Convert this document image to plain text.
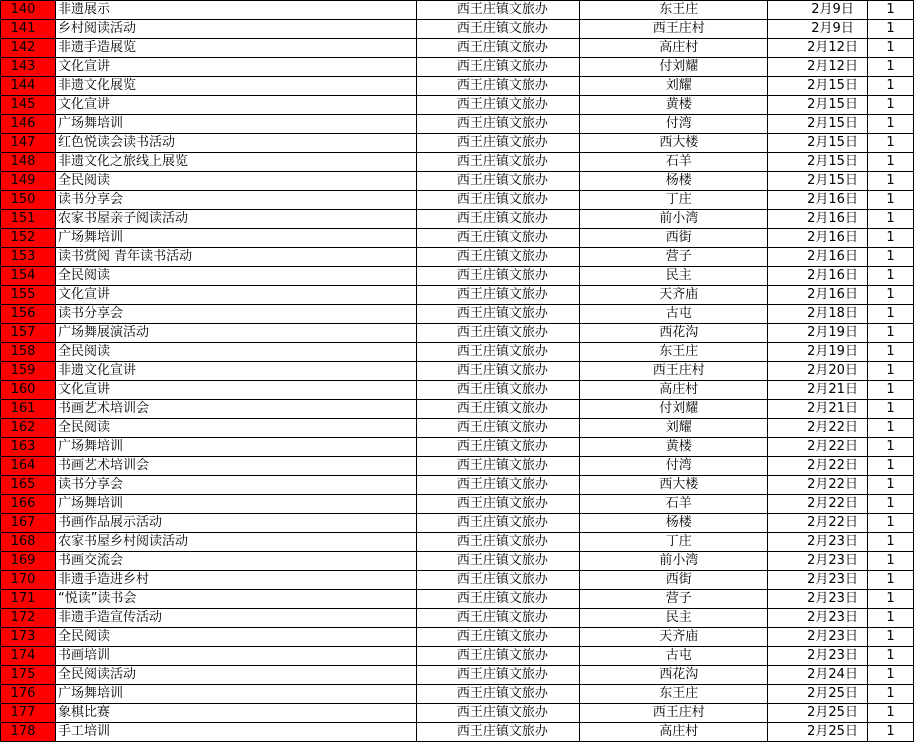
140	非遗展示	西王庄镇文旅办	东王庄	2月9日	1
141	乡村阅读活动	西王庄镇文旅办	西王庄村	2月9日	1
142	非遗手造展览	西王庄镇文旅办	高庄村	2月12日	1
143	文化宣讲	西王庄镇文旅办	付刘耀	2月12日	1
144	非遗文化展览	西王庄镇文旅办	刘耀	2月15日	1
145	文化宣讲	西王庄镇文旅办	黄楼	2月15日	1
146	广场舞培训	西王庄镇文旅办	付湾	2月15日	1
147	红色悦读会读书活动	西王庄镇文旅办	西大楼	2月15日	1
148	非遗文化之旅线上展览	西王庄镇文旅办	石羊	2月15日	1
149	全民阅读	西王庄镇文旅办	杨楼	2月15日	1
150	读书分享会	西王庄镇文旅办	丁庄	2月16日	1
151	农家书屋亲子阅读活动	西王庄镇文旅办	前小湾	2月16日	1
152	广场舞培训	西王庄镇文旅办	西街	2月16日	1
153	读书赏阅 青年读书活动	西王庄镇文旅办	营子	2月16日	1
154	全民阅读	西王庄镇文旅办	民主	2月16日	1
155	文化宣讲	西王庄镇文旅办	天齐庙	2月16日	1
156	读书分享会	西王庄镇文旅办	古屯	2月18日	1
157	广场舞展演活动	西王庄镇文旅办	西花沟	2月19日	1
158	全民阅读	西王庄镇文旅办	东王庄	2月19日	1
159	非遗文化宣讲	西王庄镇文旅办	西王庄村	2月20日	1
160	文化宣讲	西王庄镇文旅办	高庄村	2月21日	1
161	书画艺术培训会	西王庄镇文旅办	付刘耀	2月21日	1
162	全民阅读	西王庄镇文旅办	刘耀	2月22日	1
163	广场舞培训	西王庄镇文旅办	黄楼	2月22日	1
164	书画艺术培训会	西王庄镇文旅办	付湾	2月22日	1
165	读书分享会	西王庄镇文旅办	西大楼	2月22日	1
166	广场舞培训	西王庄镇文旅办	石羊	2月22日	1
167	书画作品展示活动	西王庄镇文旅办	杨楼	2月22日	1
168	农家书屋乡村阅读活动	西王庄镇文旅办	丁庄	2月23日	1
169	书画交流会	西王庄镇文旅办	前小湾	2月23日	1
170	非遗手造进乡村	西王庄镇文旅办	西街	2月23日	1
171	“悦读”读书会	西王庄镇文旅办	营子	2月23日	1
172	非遗手造宣传活动	西王庄镇文旅办	民主	2月23日	1
173	全民阅读	西王庄镇文旅办	天齐庙	2月23日	1
174	书画培训	西王庄镇文旅办	古屯	2月23日	1
175	全民阅读活动	西王庄镇文旅办	西花沟	2月24日	1
176	广场舞培训	西王庄镇文旅办	东王庄	2月25日	1
177	象棋比赛	西王庄镇文旅办	西王庄村	2月25日	1
178	手工培训	西王庄镇文旅办	高庄村	2月25日	1
